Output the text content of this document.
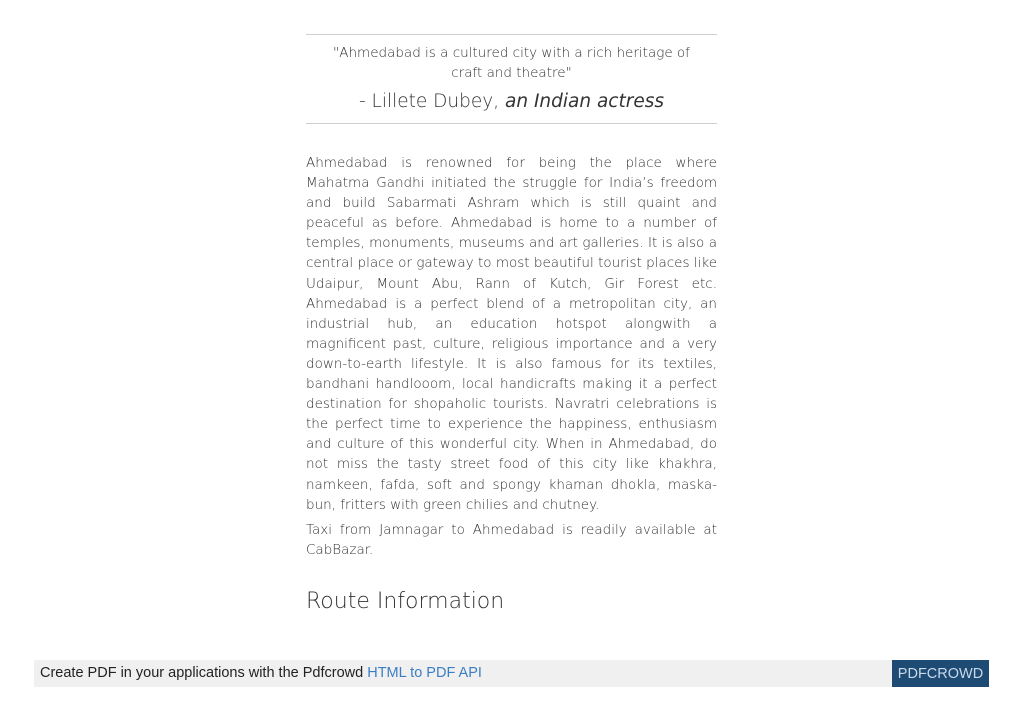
"Ahmedabad is a cultured city with a rich heritage of craft and theatre"
- Lillete Dubey, an Indian actress

Ahmedabad is renowned for being the place where Mahatma Gandhi initiated the struggle for India’s freedom and build Sabarmati Ashram which is still quaint and peaceful as before. Ahmedabad is home to a number of temples, monuments, museums and art galleries. It is also a central place or gateway to most beautiful tourist places like Udaipur, Mount Abu, Rann of Kutch, Gir Forest etc. Ahmedabad is a perfect blend of a metropolitan city, an industrial hub, an education hotspot alongwith a magnificent past, culture, religious importance and a very down-to-earth lifestyle. It is also famous for its textiles, bandhani handlooom, local handicrafts making it a perfect destination for shopaholic tourists. Navratri celebrations is the perfect time to experience the happiness, enthusiasm and culture of this wonderful city. When in Ahmedabad, do not miss the tasty street food of this city like khakhra, namkeen, fafda, soft and spongy khaman dhokla, maska-bun, fritters with green chilies and chutney.

Taxi from Jamnagar to Ahmedabad is readily available at CabBazar.

Route Information
Create PDF in your applications with the Pdfcrowd HTML to PDF API	PDFCROWD
